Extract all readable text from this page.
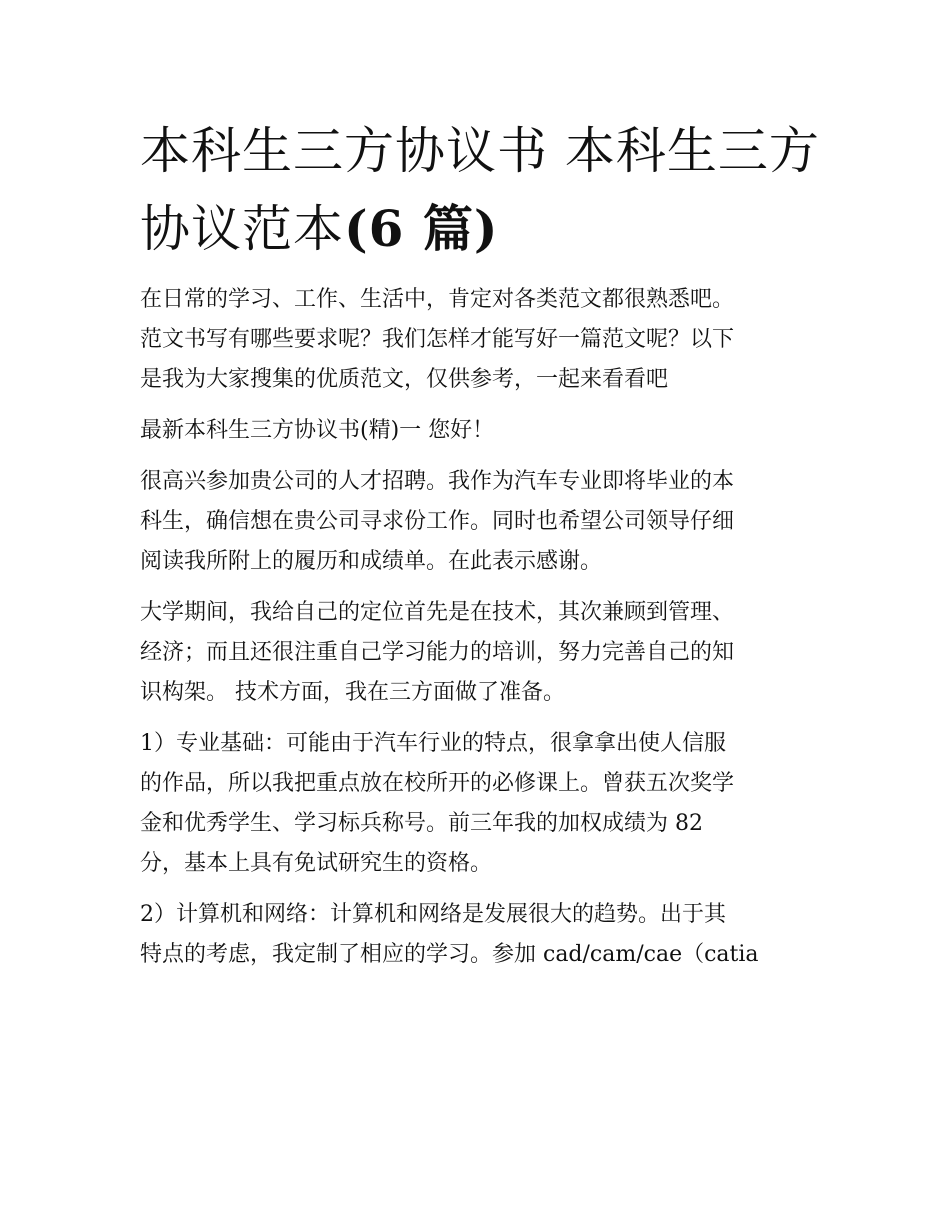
本科生三方协议书 本科生三方协议范本(6 篇)

在日常的学习、工作、生活中，肯定对各类范文都很熟悉吧。
范文书写有哪些要求呢？我们怎样才能写好一篇范文呢？以下
是我为大家搜集的优质范文，仅供参考，一起来看看吧

最新本科生三方协议书(精)一 您好！

很高兴参加贵公司的人才招聘。我作为汽车专业即将毕业的本
科生，确信想在贵公司寻求份工作。同时也希望公司领导仔细
阅读我所附上的履历和成绩单。在此表示感谢。

大学期间，我给自己的定位首先是在技术，其次兼顾到管理、
经济；而且还很注重自己学习能力的培训，努力完善自己的知
识构架。 技术方面，我在三方面做了准备。

1）专业基础：可能由于汽车行业的特点，很拿拿出使人信服
的作品，所以我把重点放在校所开的必修课上。曾获五次奖学
金和优秀学生、学习标兵称号。前三年我的加权成绩为 82
分，基本上具有免试研究生的资格。

2）计算机和网络：计算机和网络是发展很大的趋势。出于其
特点的考虑，我定制了相应的学习。参加 cad/cam/cae（catia
